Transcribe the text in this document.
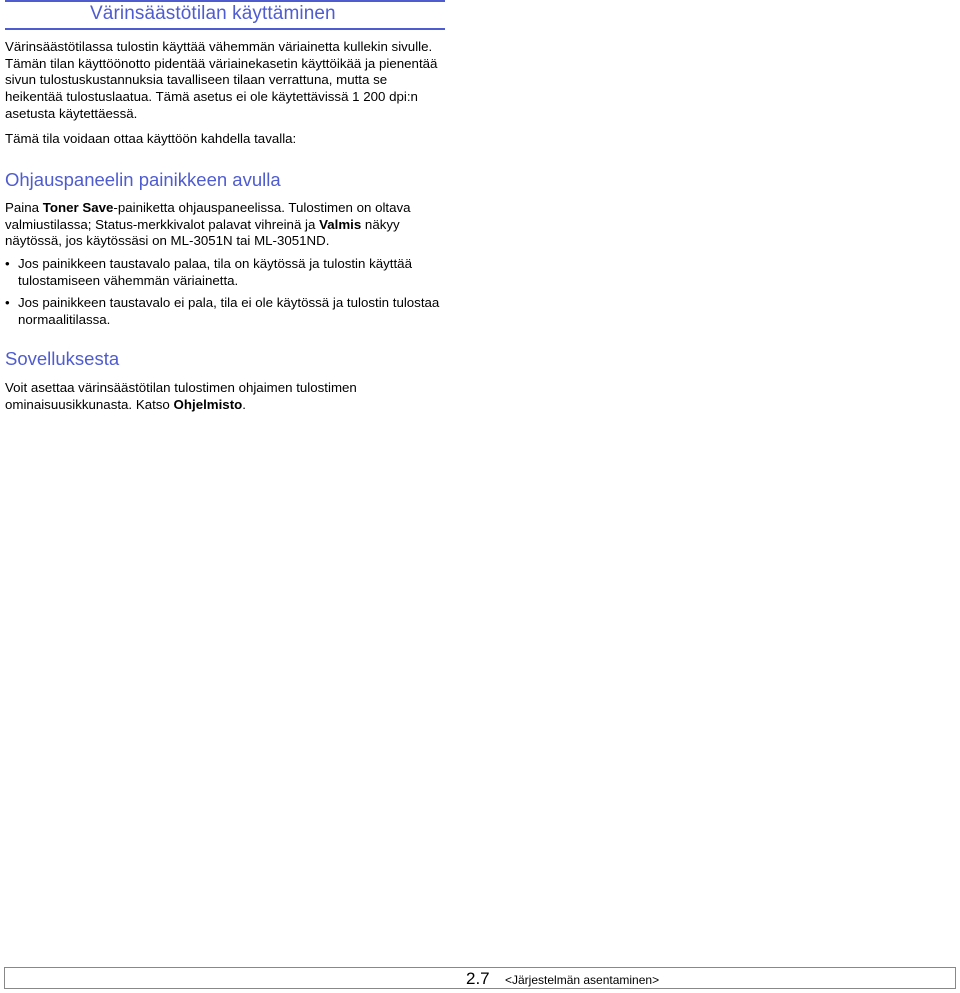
Värinsäästötilan käyttäminen

Värinsäästötilassa tulostin käyttää vähemmän väriainetta kullekin sivulle. Tämän tilan käyttöönotto pidentää väriainekasetin käyttöikää ja pienentää sivun tulostuskustannuksia tavalliseen tilaan verrattuna, mutta se heikentää tulostuslaatua. Tämä asetus ei ole käytettävissä 1 200 dpi:n asetusta käytettäessä.

Tämä tila voidaan ottaa käyttöön kahdella tavalla:

Ohjauspaneelin painikkeen avulla

Paina Toner Save-painiketta ohjauspaneelissa. Tulostimen on oltava valmiustilassa; Status-merkkivalot palavat vihreinä ja Valmis näkyy näytössä, jos käytössäsi on ML-3051N tai ML-3051ND.

• Jos painikkeen taustavalo palaa, tila on käytössä ja tulostin käyttää tulostamiseen vähemmän väriainetta.
• Jos painikkeen taustavalo ei pala, tila ei ole käytössä ja tulostin tulostaa normaalitilassa.
Sovelluksesta

Voit asettaa värinsäästötilan tulostimen ohjaimen tulostimen ominaisuusikkunasta. Katso Ohjelmisto.

2.7 <Järjestelmän asentaminen>
